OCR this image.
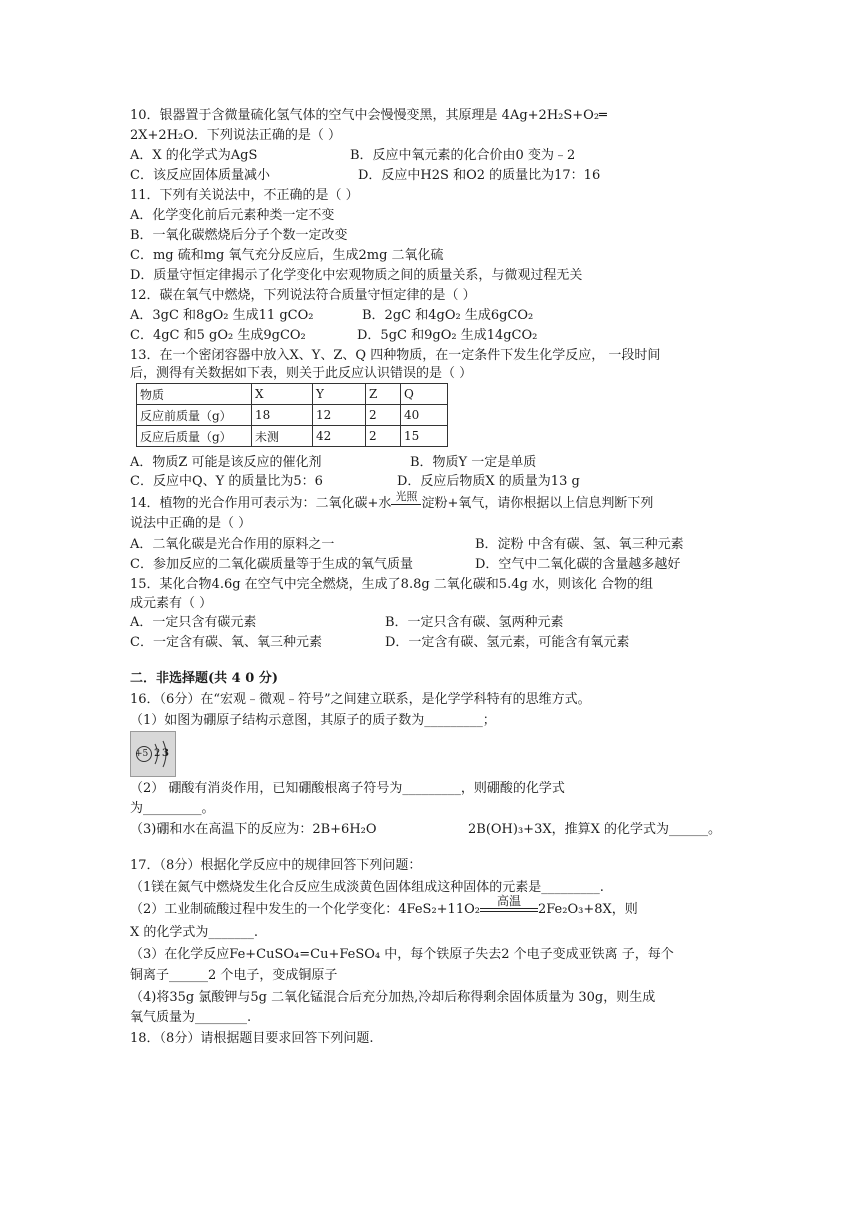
10．银器置于含微量硫化氢气体的空气中会慢慢变黑，其原理是 4Ag+2H₂S+O₂═
2X+2H₂O．下列说法正确的是（ ）
A．X 的化学式为AgS	B．反应中氧元素的化合价由0 变为﹣2
C．该反应固体质量减小	D．反应中H2S 和O2 的质量比为17：16
11．下列有关说法中，不正确的是（ ）
A．化学变化前后元素种类一定不变
B．一氧化碳燃烧后分子个数一定改变
C．mg 硫和mg 氧气充分反应后，生成2mg 二氧化硫
D．质量守恒定律揭示了化学变化中宏观物质之间的质量关系，与微观过程无关
12．碳在氧气中燃烧，下列说法符合质量守恒定律的是（ ）
A．3gC 和8gO₂ 生成11 gCO₂	B．2gC 和4gO₂ 生成6gCO₂
C．4gC 和5 gO₂ 生成9gCO₂	D．5gC 和9gO₂ 生成14gCO₂
13．在一个密闭容器中放入X、Y、Z、Q 四种物质，在一定条件下发生化学反应， 一段时间
后，测得有关数据如下表，则关于此反应认识错误的是（ ）
物质	X	Y	Z	Q
反应前质量（g）	18	12	2	40
反应后质量（g）	未测	42	2	15
A．物质Z 可能是该反应的催化剂	B．物质Y 一定是单质
C．反应中Q、Y 的质量比为5：6	D．反应后物质X 的质量为13 g
14．植物的光合作用可表示为：二氧化碳+水 光照 淀粉+氧气，请你根据以上信息判断下列
说法中正确的是（ ）
A．二氧化碳是光合作用的原料之一	B．淀粉 中含有碳、氢、氧三种元素
C．参加反应的二氧化碳质量等于生成的氧气质量	D．空气中二氧化碳的含量越多越好
15．某化合物4.6g 在空气中完全燃烧，生成了8.8g 二氧化碳和5.4g 水，则该化 合物的组
成元素有（ ）
A．一定只含有碳元素	B．一定只含有碳、氢两种元素
C．一定含有碳、氧、氧三种元素	D．一定含有碳、氢元素，可能含有氧元素
二．非选择题(共 4 0 分)
16．（6分）在“宏观﹣微观﹣符号”之间建立联系，是化学学科特有的思维方式。
（1）如图为硼原子结构示意图，其原子的质子数为_________；
+5 2 3
（2） 硼酸有消炎作用，已知硼酸根离子符号为_________，则硼酸的化学式
为_________。
（3)硼和水在高温下的反应为：2B+6H₂O	2B(OH)₃+3X，推算X 的化学式为______。
17．（8分）根据化学反应中的规律回答下列问题：
（1镁在氮气中燃烧发生化合反应生成淡黄色固体组成这种固体的元素是_________.
（2）工业制硫酸过程中发生的一个化学变化：4FeS₂+11O₂高温
2Fe₂O₃+8X，则
X 的化学式为_______.
（3）在化学反应Fe+CuSO₄=Cu+FeSO₄ 中，每个铁原子失去2 个电子变成亚铁离 子，每个
铜离子______2 个电子，变成铜原子
（4)将35g 氯酸钾与5g 二氧化锰混合后充分加热,冷却后称得剩余固体质量为 30g，则生成
氧气质量为________.
18．（8分）请根据题目要求回答下列问题.
